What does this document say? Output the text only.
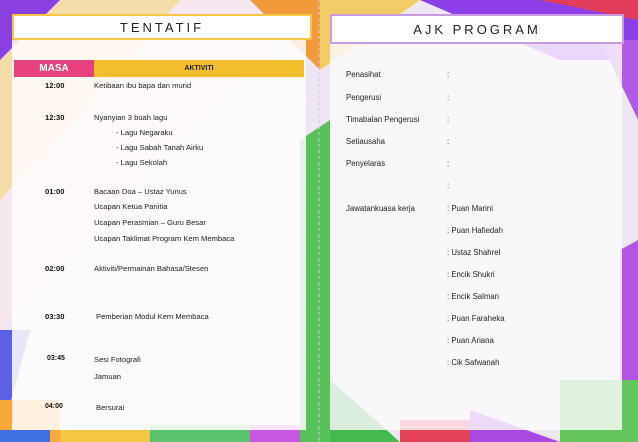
TENTATIF	AJK PROGRAM
MASA	AKTIVITI
12:00	Ketibaan ibu bapa dan murid
12:30	Nyanyian 3 buah lagu
- Lagu Negaraku
- Lagu Sabah Tanah Airku
- Lagu Sekolah
01:00	Bacaan Doa – Ustaz Yunus
Ucapan Ketua Panitia
Ucapan Perasmian – Guru Besar
Ucapan Taklimat Program Kem Membaca
02:00	Aktiviti/Permainan Bahasa/Stesen
03:30	Pemberian Modul Kem Membaca
03:45	Sesi Fotografi
Jamuan
04:00	Bersurai
Penasihat	:
Pengerusi	:
Timabalan Pengerusi	:
Setiausaha	:
Penyelaras	:
:
Jawatankuasa kerja	: Puan Marini
: Puan Hafiedah
: Ustaz Shahrel
: Encik Shukri
: Encik Salman
: Puan Faraheka
: Puan Ariana
: Cik Safwanah
